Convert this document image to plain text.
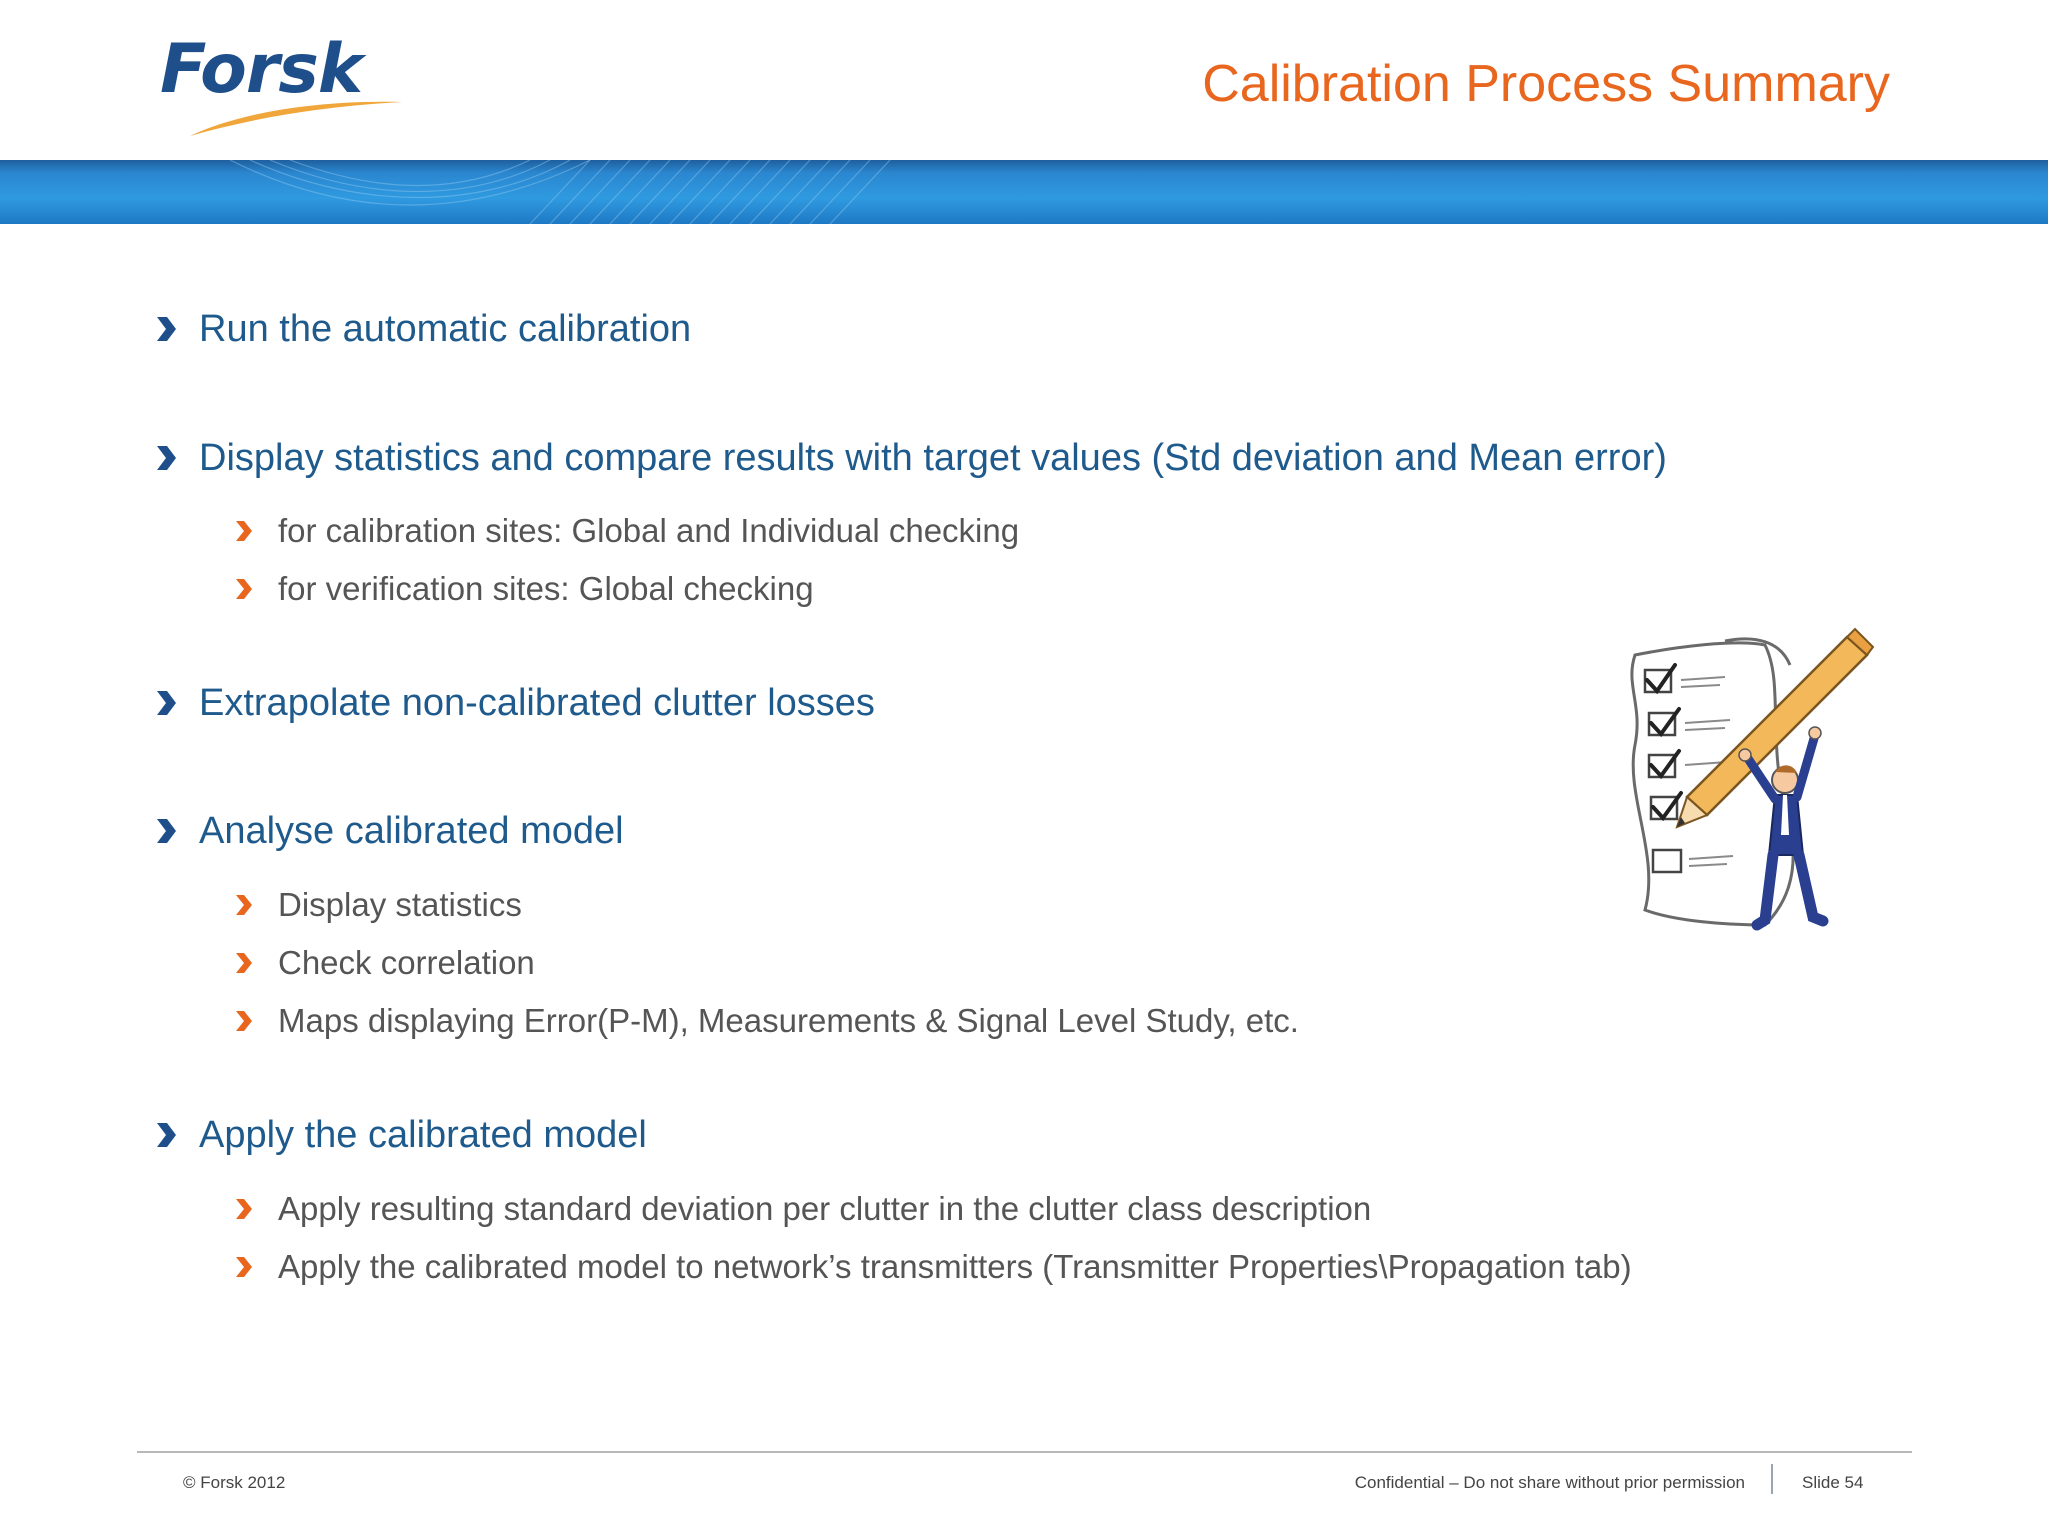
Forsk	Calibration Process Summary
Run the automatic calibration
Display statistics and compare results with target values (Std deviation and Mean error)
for calibration sites: Global and Individual checking
for verification sites: Global checking
Extrapolate non-calibrated clutter losses
Analyse calibrated model
Display statistics
Check correlation
Maps displaying Error(P-M), Measurements & Signal Level Study, etc.
Apply the calibrated model
Apply resulting standard deviation per clutter in the clutter class description
Apply the calibrated model to network’s transmitters (Transmitter Properties\Propagation tab)
© Forsk 2012	Confidential – Do not share without prior permission	Slide 54
